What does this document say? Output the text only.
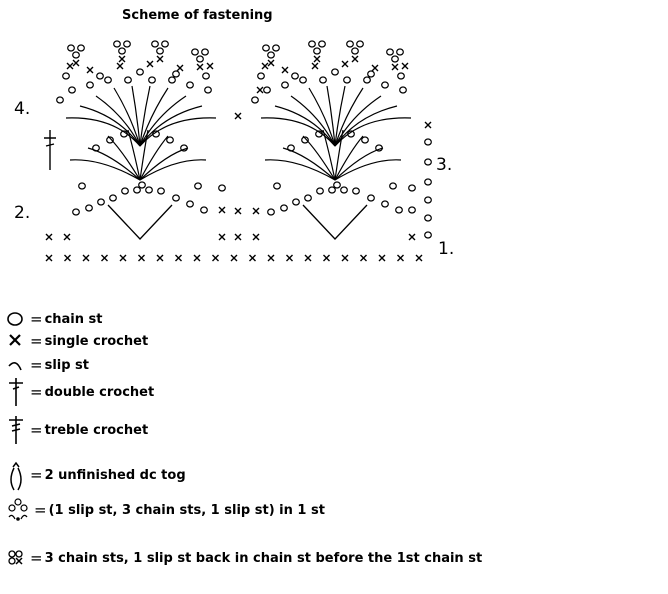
Scheme of fastening
4.
2.
3.
1.
= chain st
= single crochet
= slip st
= double crochet
= treble crochet
= 2 unfinished dc tog
= (1 slip st, 3 chain sts, 1 slip st) in 1 st
= 3 chain sts, 1 slip st back in chain st before the 1st chain st
